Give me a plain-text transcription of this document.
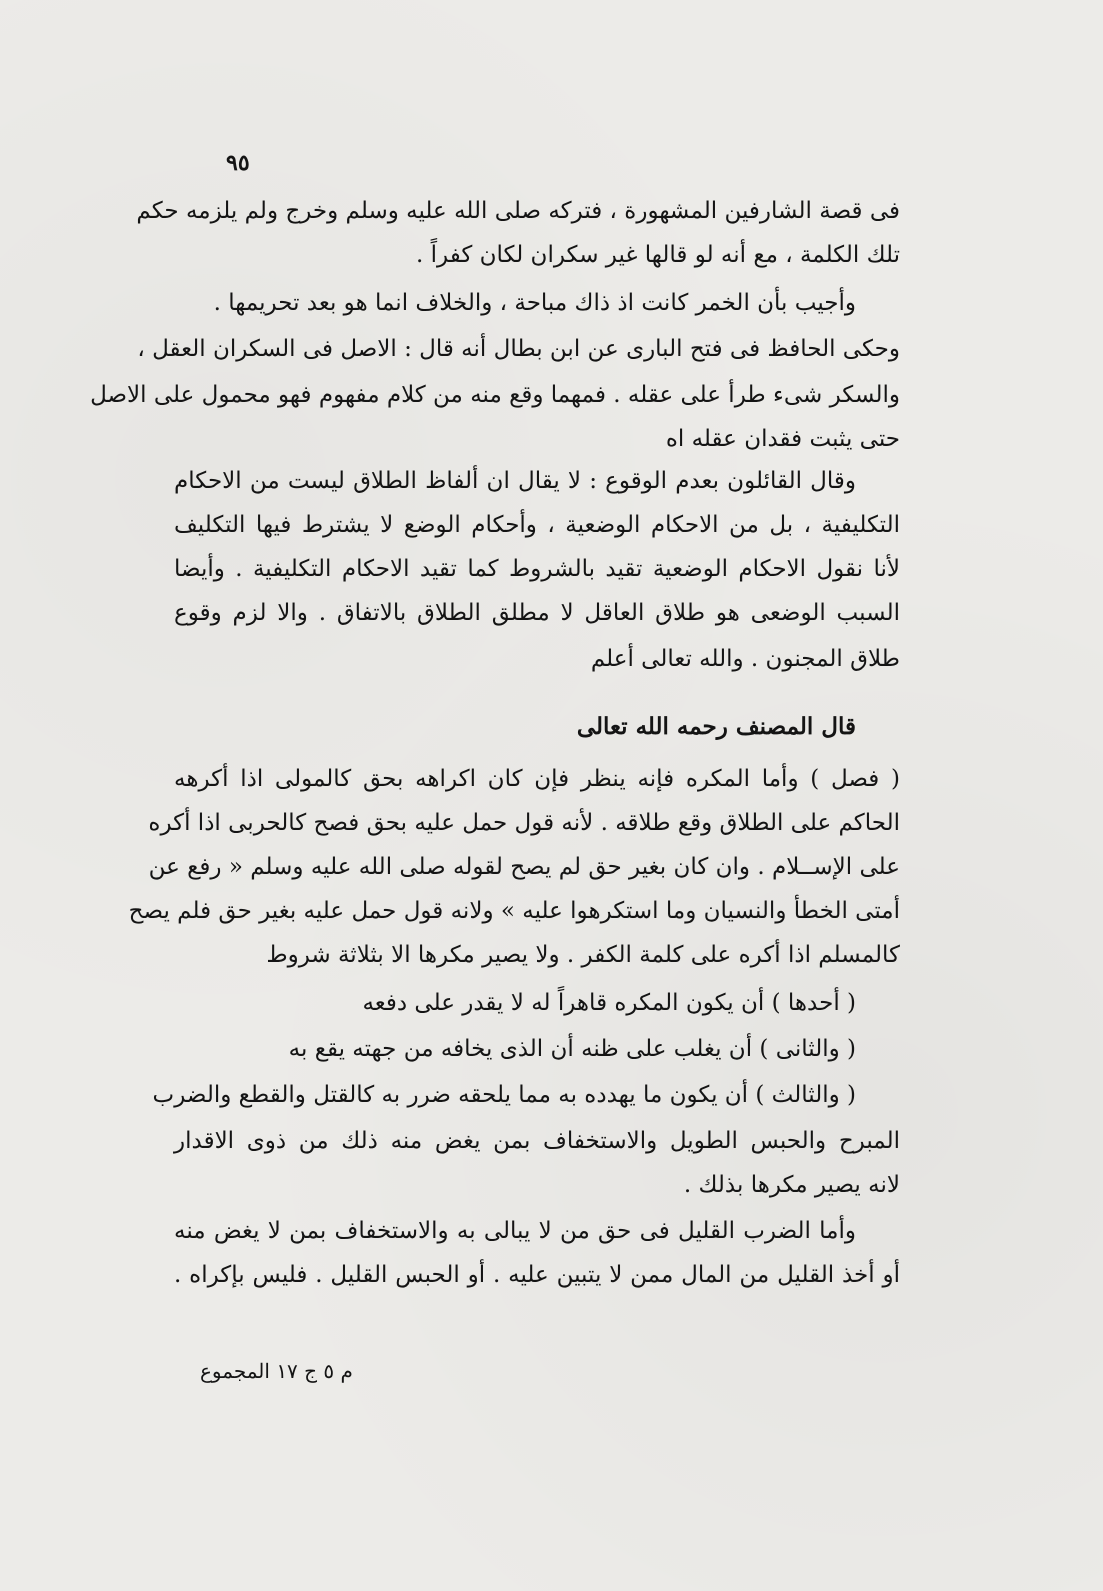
٩٥
فى قصة الشارفين المشهورة ، فتركه صلى الله عليه وسلم وخرج ولم يلزمه حكم
تلك الكلمة ، مع أنه لو قالها غير سكران لكان كفراً .
وأجيب بأن الخمر كانت اذ ذاك مباحة ، والخلاف انما هو بعد تحريمها .
وحكى الحافظ فى فتح البارى عن ابن بطال أنه قال : الاصل فى السكران العقل ،
والسكر شىء طرأ على عقله . فمهما وقع منه من كلام مفهوم فهو محمول على الاصل
حتى يثبت فقدان عقله اه
وقال القائلون بعدم الوقوع : لا يقال ان ألفاظ الطلاق ليست من الاحكام
التكليفية ، بل من الاحكام الوضعية ، وأحكام الوضع لا يشترط فيها التكليف
لأنا نقول الاحكام الوضعية تقيد بالشروط كما تقيد الاحكام التكليفية . وأيضا
السبب الوضعى هو طلاق العاقل لا مطلق الطلاق بالاتفاق . والا لزم وقوع
طلاق المجنون . والله تعالى أعلم
قال المصنف رحمه الله تعالى
( فصل ) وأما المكره فإنه ينظر فإن كان اكراهه بحق كالمولى اذا أكرهه
الحاكم على الطلاق وقع طلاقه . لأنه قول حمل عليه بحق فصح كالحربى اذا أكره
على الإســلام . وان كان بغير حق لم يصح لقوله صلى الله عليه وسلم « رفع عن
أمتى الخطأ والنسيان وما استكرهوا عليه » ولانه قول حمل عليه بغير حق فلم يصح
كالمسلم اذا أكره على كلمة الكفر . ولا يصير مكرها الا بثلاثة شروط
( أحدها ) أن يكون المكره قاهراً له لا يقدر على دفعه
( والثانى ) أن يغلب على ظنه أن الذى يخافه من جهته يقع به
( والثالث ) أن يكون ما يهدده به مما يلحقه ضرر به كالقتل والقطع والضرب
المبرح والحبس الطويل والاستخفاف بمن يغض منه ذلك من ذوى الاقدار
لانه يصير مكرها بذلك .
وأما الضرب القليل فى حق من لا يبالى به والاستخفاف بمن لا يغض منه
أو أخذ القليل من المال ممن لا يتبين عليه . أو الحبس القليل . فليس بإكراه .
م ٥ ج ١٧ المجموع
